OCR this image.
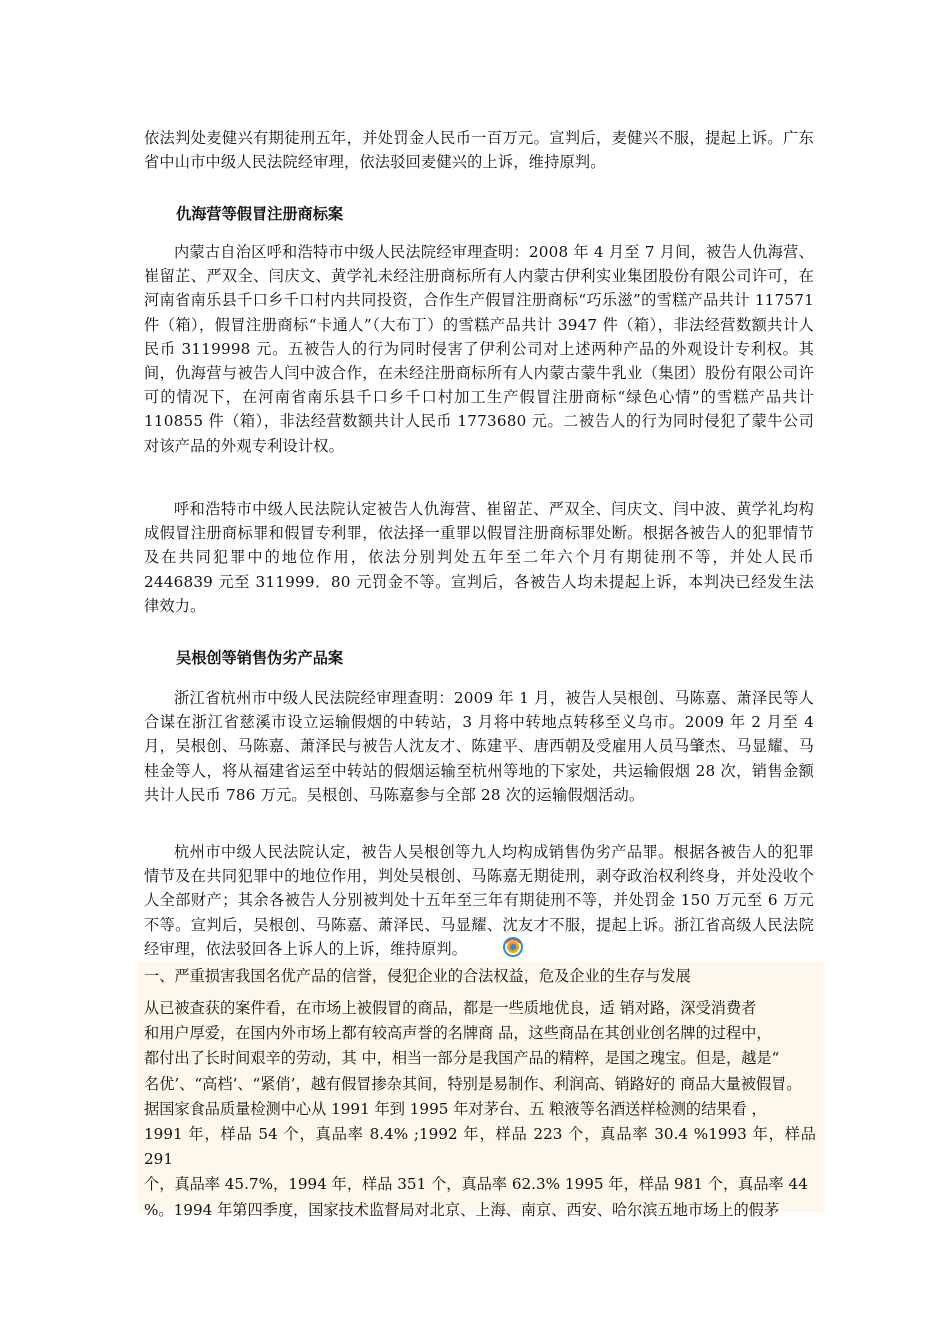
依法判处麦健兴有期徒刑五年，并处罚金人民币一百万元。宣判后，麦健兴不服，提起上诉。广东省中山市中级人民法院经审理，依法驳回麦健兴的上诉，维持原判。

仇海营等假冒注册商标案

内蒙古自治区呼和浩特市中级人民法院经审理查明：2008 年 4 月至 7 月间，被告人仇海营、崔留芷、严双全、闫庆文、黄学礼未经注册商标所有人内蒙古伊利实业集团股份有限公司许可，在河南省南乐县千口乡千口村内共同投资，合作生产假冒注册商标“巧乐滋”的雪糕产品共计 117571 件（箱），假冒注册商标“卡通人”（大布丁）的雪糕产品共计 3947 件（箱），非法经营数额共计人民币 3119998 元。五被告人的行为同时侵害了伊利公司对上述两种产品的外观设计专利权。其间，仇海营与被告人闫中波合作，在未经注册商标所有人内蒙古蒙牛乳业（集团）股份有限公司许可的情况下，在河南省南乐县千口乡千口村加工生产假冒注册商标“绿色心情”的雪糕产品共计 110855 件（箱），非法经营数额共计人民币 1773680 元。二被告人的行为同时侵犯了蒙牛公司对该产品的外观专利设计权。

呼和浩特市中级人民法院认定被告人仇海营、崔留芷、严双全、闫庆文、闫中波、黄学礼均构成假冒注册商标罪和假冒专利罪，依法择一重罪以假冒注册商标罪处断。根据各被告人的犯罪情节及在共同犯罪中的地位作用，依法分别判处五年至二年六个月有期徒刑不等，并处人民币 2446839 元至 311999．80 元罚金不等。宣判后，各被告人均未提起上诉，本判决已经发生法律效力。

吴根创等销售伪劣产品案

浙江省杭州市中级人民法院经审理查明：2009 年 1 月，被告人吴根创、马陈嘉、萧泽民等人合谋在浙江省慈溪市设立运输假烟的中转站，3 月将中转地点转移至义乌市。2009 年 2 月至 4 月，吴根创、马陈嘉、萧泽民与被告人沈友才、陈建平、唐西朝及受雇用人员马肇杰、马显耀、马桂金等人，将从福建省运至中转站的假烟运输至杭州等地的下家处，共运输假烟 28 次，销售金额共计人民币 786 万元。吴根创、马陈嘉参与全部 28 次的运输假烟活动。

杭州市中级人民法院认定，被告人吴根创等九人均构成销售伪劣产品罪。根据各被告人的犯罪情节及在共同犯罪中的地位作用，判处吴根创、马陈嘉无期徒刑，剥夺政治权利终身，并处没收个人全部财产；其余各被告人分别被判处十五年至三年有期徒刑不等，并处罚金 150 万元至 6 万元不等。宣判后，吴根创、马陈嘉、萧泽民、马显耀、沈友才不服，提起上诉。浙江省高级人民法院经审理，依法驳回各上诉人的上诉，维持原判。

一、严重损害我国名优产品的信誉，侵犯企业的合法权益，危及企业的生存与发展

从已被查获的案件看，在市场上被假冒的商品，都是一些质地优良，适 销对路，深受消费者
和用户厚爱，在国内外市场上都有较高声誉的名牌商 品，这些商品在其创业创名牌的过程中，
都付出了长时间艰辛的劳动，其 中，相当一部分是我国产品的精粹，是国之瑰宝。但是，越是“
名优’、“高档‘、“紧俏’，越有假冒掺杂其间，特别是易制作、利润高、销路好的 商品大量被假冒。
据国家食品质量检测中心从 1991 年到 1995 年对茅台、五 粮液等名酒送样检测的结果看 ，
1991 年，样品 54 个，真品率 8.4% ;1992 年，样品 223 个，真品率 30.4 %1993 年，样品 291
个，真品率 45.7%，1994 年，样品 351 个，真品率 62.3% 1995 年，样品 981 个，真品率 44
%。1994 年第四季度，国家技术监督局对北京、上海、南京、西安、哈尔滨五地市场上的假茅
